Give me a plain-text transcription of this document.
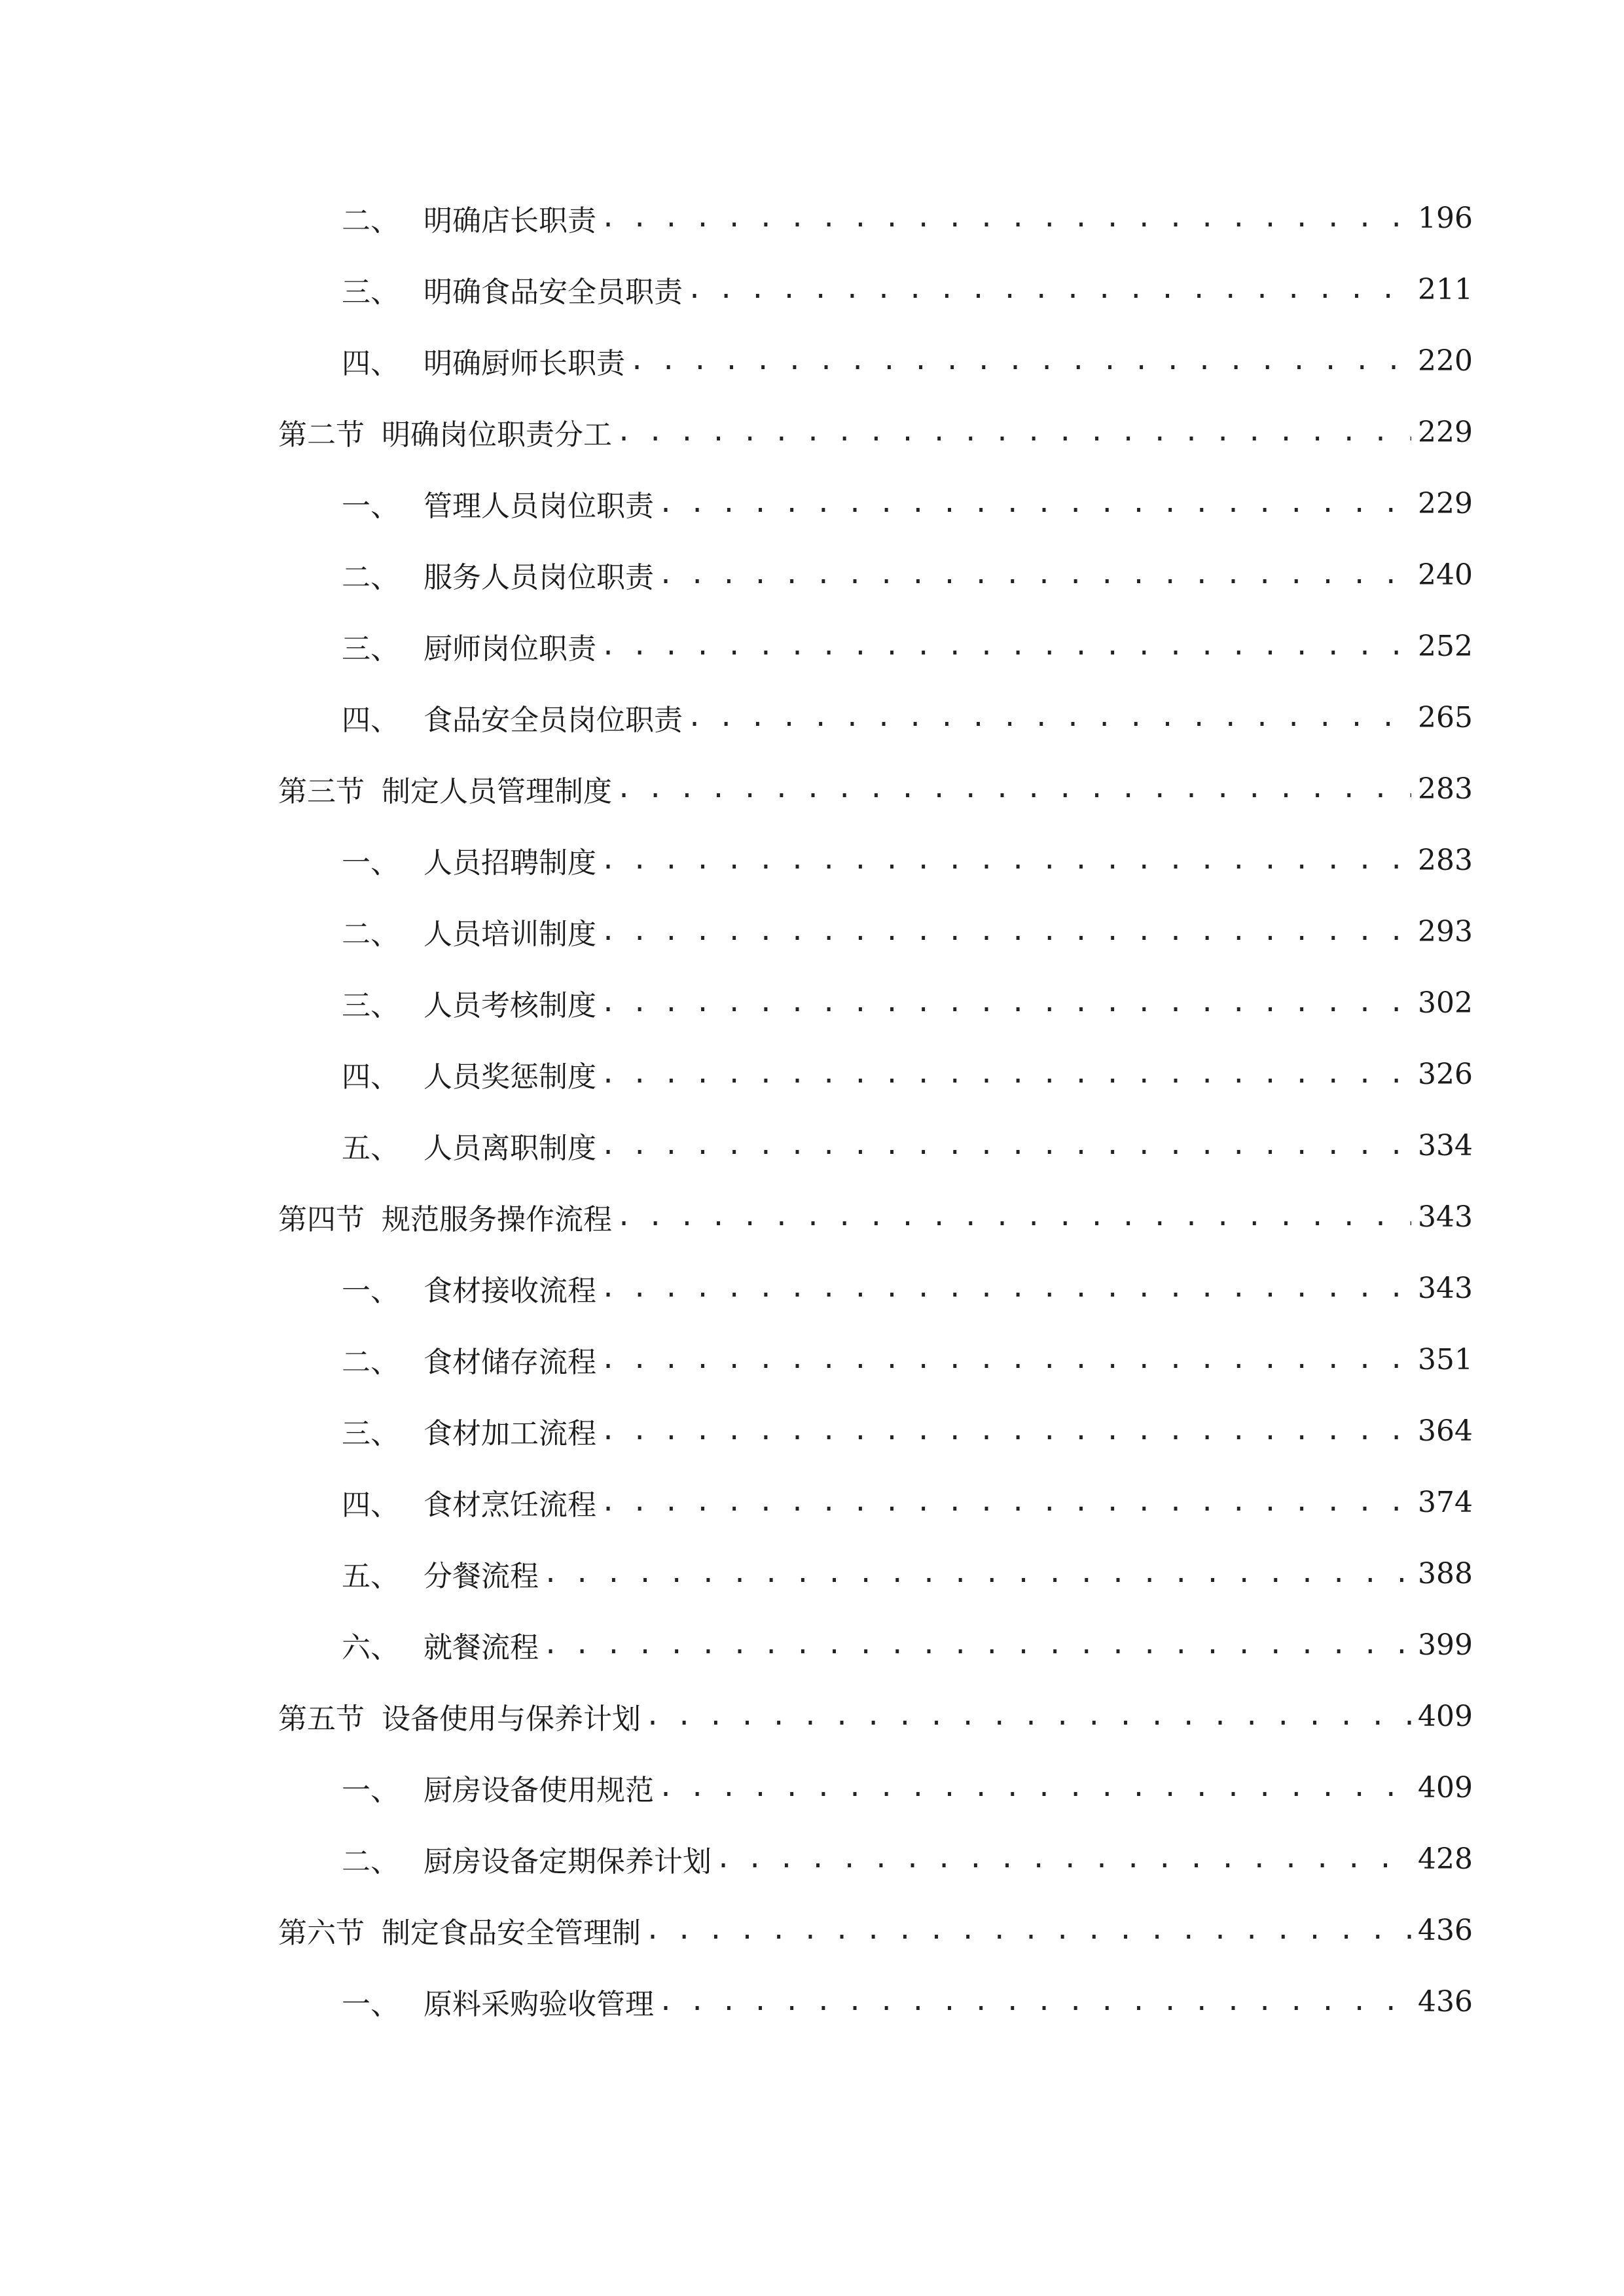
二、 明确店长职责 . . .	196
三、 明确食品安全员职责 . . .	211
四、 明确厨师长职责 . . .	220
第二节 明确岗位职责分工 . . .	229
一、 管理人员岗位职责 . . .	229
二、 服务人员岗位职责 . . .	240
三、 厨师岗位职责 . . .	252
四、 食品安全员岗位职责 . . .	265
第三节 制定人员管理制度 . . .	283
一、 人员招聘制度 . . .	283
二、 人员培训制度 . . .	293
三、 人员考核制度 . . .	302
四、 人员奖惩制度 . . .	326
五、 人员离职制度 . . .	334
第四节 规范服务操作流程 . . .	343
一、 食材接收流程 . . .	343
二、 食材储存流程 . . .	351
三、 食材加工流程 . . .	364
四、 食材烹饪流程 . . .	374
五、 分餐流程 . . .	388
六、 就餐流程 . . .	399
第五节 设备使用与保养计划 . . .	409
一、 厨房设备使用规范 . . .	409
二、 厨房设备定期保养计划 . . .	428
第六节 制定食品安全管理制 . . .	436
一、 原料采购验收管理 . . .	436
